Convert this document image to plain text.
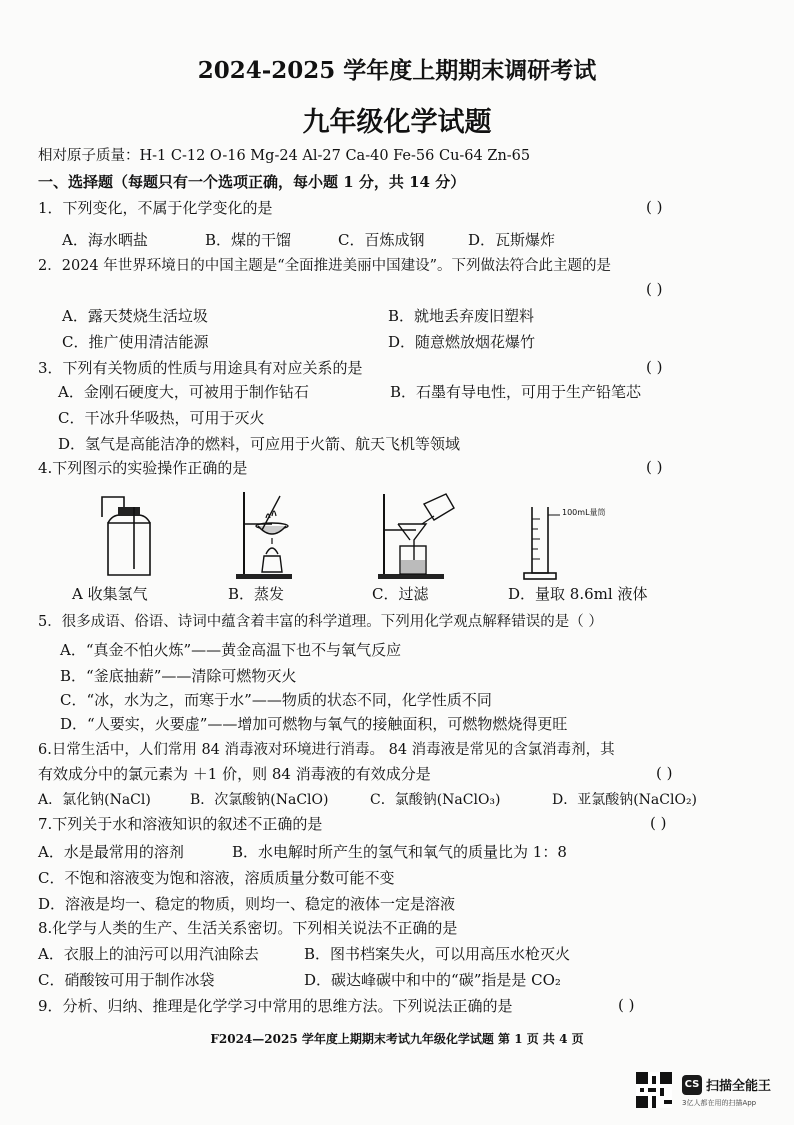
2024-2025 学年度上期期末调研考试
九年级化学试题
相对原子质量：H-1 C-12 O-16 Mg-24 Al-27 Ca-40 Fe-56 Cu-64 Zn-65
一、选择题（每题只有一个选项正确，每小题 1 分，共 14 分）
1．下列变化，不属于化学变化的是	( )
A．海水晒盐	B．煤的干馏	C．百炼成钢	D．瓦斯爆炸
2．2024 年世界环境日的中国主题是“全面推进美丽中国建设”。下列做法符合此主题的是
( )
A．露天焚烧生活垃圾	B．就地丢弃废旧塑料
C．推广使用清洁能源	D．随意燃放烟花爆竹
3．下列有关物质的性质与用途具有对应关系的是	( )
A．金刚石硬度大，可被用于制作钻石	B．石墨有导电性，可用于生产铅笔芯
C．干冰升华吸热，可用于灭火
D．氢气是高能洁净的燃料，可应用于火箭、航天飞机等领域
4.下列图示的实验操作正确的是	( )
100mL量筒
A 收集氢气	B．蒸发	C．过滤	D．量取 8.6ml 液体
5．很多成语、俗语、诗词中蕴含着丰富的科学道理。下列用化学观点解释错误的是（ ）
A．“真金不怕火炼”——黄金高温下也不与氧气反应
B．“釜底抽薪”——清除可燃物灭火
C．“冰，水为之，而寒于水”——物质的状态不同，化学性质不同
D．“人要实，火要虚”——增加可燃物与氧气的接触面积，可燃物燃烧得更旺
6.日常生活中，人们常用 84 消毒液对环境进行消毒。 84 消毒液是常见的含氯消毒剂，其
有效成分中的氯元素为 ＋1 价，则 84 消毒液的有效成分是	( )
A．氯化钠(NaCl)	B．次氯酸钠(NaClO)	C．氯酸钠(NaClO₃)	D．亚氯酸钠(NaClO₂)
7.下列关于水和溶液知识的叙述不正确的是	( )
A．水是最常用的溶剂	B．水电解时所产生的氢气和氧气的质量比为 1：8
C．不饱和溶液变为饱和溶液，溶质质量分数可能不变
D．溶液是均一、稳定的物质，则均一、稳定的液体一定是溶液
8.化学与人类的生产、生活关系密切。下列相关说法不正确的是
A．衣服上的油污可以用汽油除去	B．图书档案失火，可以用高压水枪灭火
C．硝酸铵可用于制作冰袋	D．碳达峰碳中和中的“碳”指是是 CO₂
9．分析、归纳、推理是化学学习中常用的思维方法。下列说法正确的是	( )
F2024—2025 学年度上期期末考试九年级化学试题 第 1 页 共 4 页
CS 扫描全能王
3亿人都在用的扫描App
